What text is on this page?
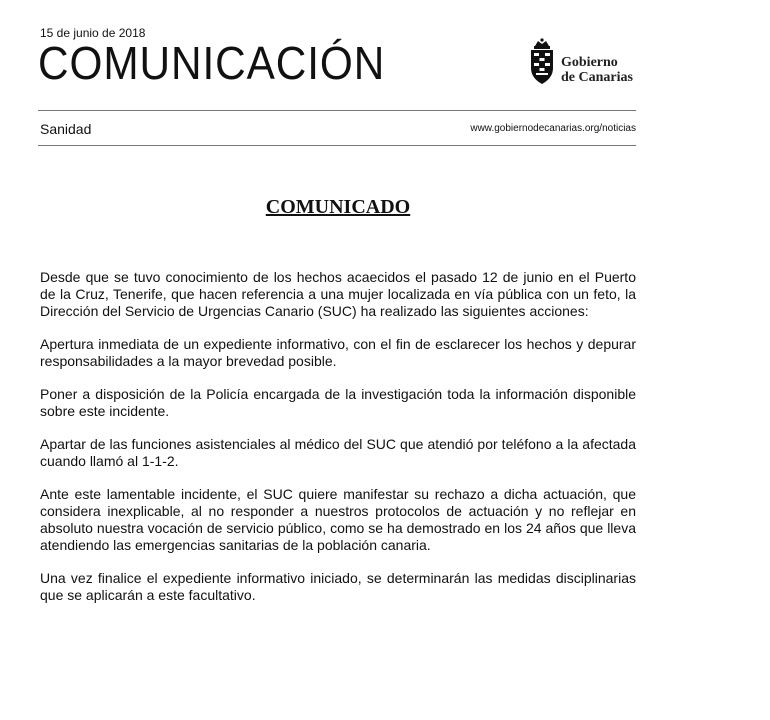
15 de junio de 2018
COMUNICACIÓN	Gobierno
de Canarias
Sanidad	www.gobiernodecanarias.org/noticias
COMUNICADO

Desde que se tuvo conocimiento de los hechos acaecidos el pasado 12 de junio en el Puerto de la Cruz, Tenerife, que hacen referencia a una mujer localizada en vía pública con un feto, la Dirección del Servicio de Urgencias Canario (SUC) ha realizado las siguientes acciones:

Apertura inmediata de un expediente informativo, con el fin de esclarecer los hechos y depurar responsabilidades a la mayor brevedad posible.

Poner a disposición de la Policía encargada de la investigación toda la información disponible sobre este incidente.

Apartar de las funciones asistenciales al médico del SUC que atendió por teléfono a la afectada cuando llamó al 1-1-2.

Ante este lamentable incidente, el SUC quiere manifestar su rechazo a dicha actuación, que considera inexplicable, al no responder a nuestros protocolos de actuación y no reflejar en absoluto nuestra vocación de servicio público, como se ha demostrado en los 24 años que lleva atendiendo las emergencias sanitarias de la población canaria.

Una vez finalice el expediente informativo iniciado, se determinarán las medidas disciplinarias que se aplicarán a este facultativo.
